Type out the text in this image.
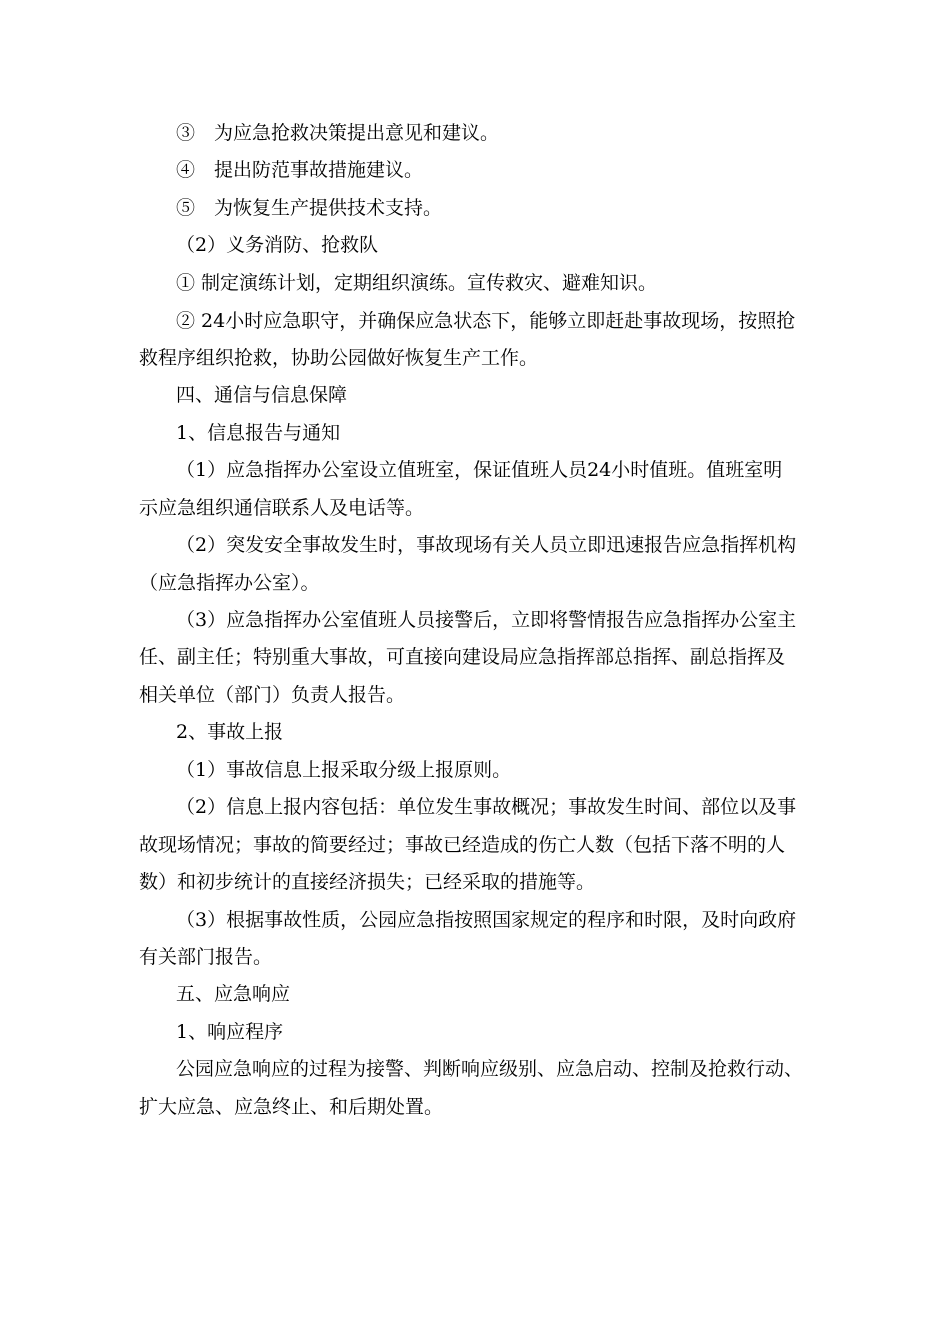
③　为应急抢救决策提出意见和建议。
④　提出防范事故措施建议。
⑤　为恢复生产提供技术支持。
（2）义务消防、抢救队
① 制定演练计划，定期组织演练。宣传救灾、避难知识。
② 24小时应急职守，并确保应急状态下，能够立即赶赴事故现场，按照抢
救程序组织抢救，协助公园做好恢复生产工作。
四、通信与信息保障
1、信息报告与通知
（1）应急指挥办公室设立值班室，保证值班人员24小时值班。值班室明
示应急组织通信联系人及电话等。
（2）突发安全事故发生时，事故现场有关人员立即迅速报告应急指挥机构
（应急指挥办公室）。
（3）应急指挥办公室值班人员接警后，立即将警情报告应急指挥办公室主
任、副主任；特别重大事故，可直接向建设局应急指挥部总指挥、副总指挥及
相关单位（部门）负责人报告。
2、事故上报
（1）事故信息上报采取分级上报原则。
（2）信息上报内容包括：单位发生事故概况；事故发生时间、部位以及事
故现场情况；事故的简要经过；事故已经造成的伤亡人数（包括下落不明的人
数）和初步统计的直接经济损失；已经采取的措施等。
（3）根据事故性质，公园应急指按照国家规定的程序和时限，及时向政府
有关部门报告。
五、应急响应
1、响应程序
公园应急响应的过程为接警、判断响应级别、应急启动、控制及抢救行动、
扩大应急、应急终止、和后期处置。
